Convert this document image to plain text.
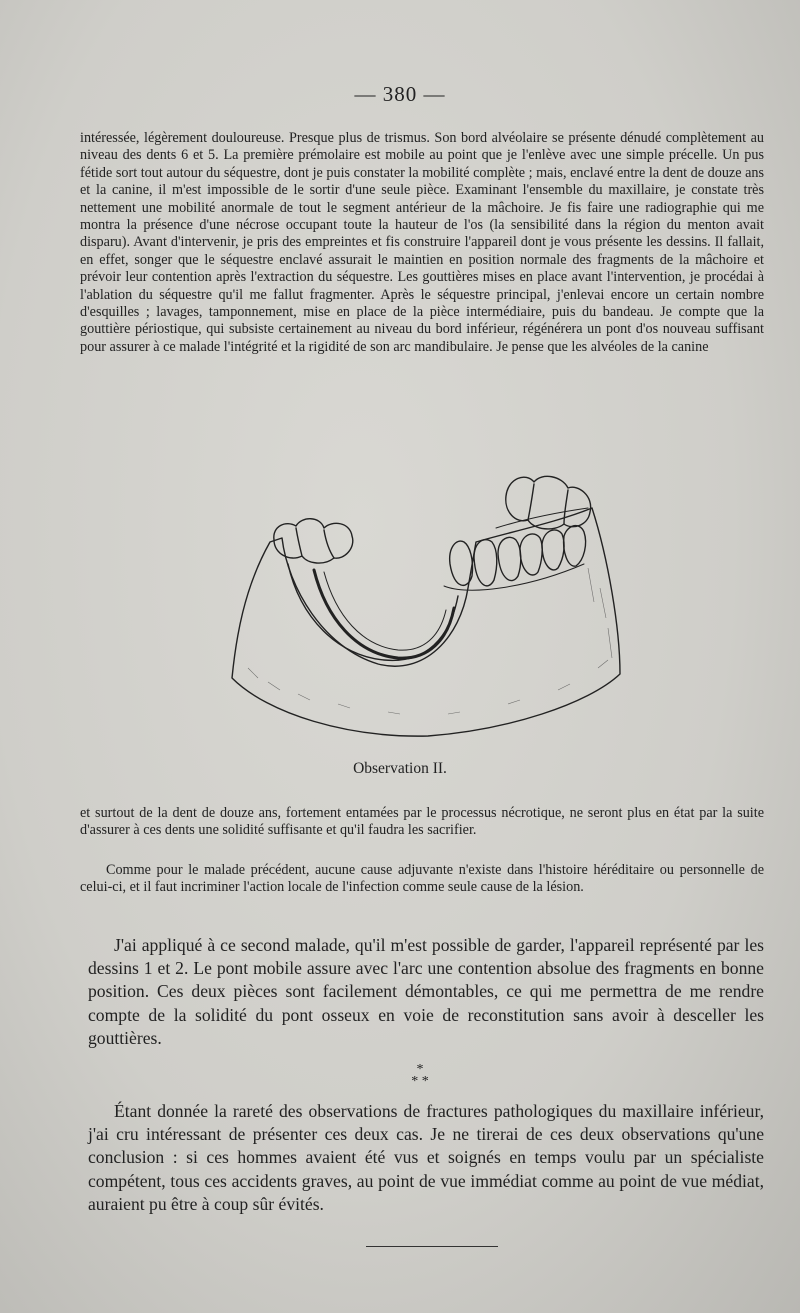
— 380 —

intéressée, légèrement douloureuse. Presque plus de trismus. Son bord alvéolaire se présente dénudé complètement au niveau des dents 6 et 5. La première prémolaire est mobile au point que je l'enlève avec une simple précelle. Un pus fétide sort tout autour du séquestre, dont je puis constater la mobilité complète ; mais, enclavé entre la dent de douze ans et la canine, il m'est impossible de le sortir d'une seule pièce. Examinant l'ensemble du maxillaire, je constate très nettement une mobilité anormale de tout le segment antérieur de la mâchoire. Je fis faire une radiographie qui me montra la présence d'une nécrose occupant toute la hauteur de l'os (la sensibilité dans la région du menton avait disparu). Avant d'intervenir, je pris des empreintes et fis construire l'appareil dont je vous présente les dessins. Il fallait, en effet, songer que le séquestre enclavé assurait le maintien en position normale des fragments de la mâchoire et prévoir leur contention après l'extraction du séquestre. Les gouttières mises en place avant l'intervention, je procédai à l'ablation du séquestre qu'il me fallut fragmenter. Après le séquestre principal, j'enlevai encore un certain nombre d'esquilles ; lavages, tamponnement, mise en place de la pièce intermédiaire, puis du bandeau. Je compte que la gouttière périostique, qui subsiste certainement au niveau du bord inférieur, régénérera un pont d'os nouveau suffisant pour assurer à ce malade l'intégrité et la rigidité de son arc mandibulaire. Je pense que les alvéoles de la canine

Observation II.

et surtout de la dent de douze ans, fortement entamées par le processus nécrotique, ne seront plus en état par la suite d'assurer à ces dents une solidité suffisante et qu'il faudra les sacrifier.

Comme pour le malade précédent, aucune cause adjuvante n'existe dans l'histoire héréditaire ou personnelle de celui-ci, et il faut incriminer l'action locale de l'infection comme seule cause de la lésion.

J'ai appliqué à ce second malade, qu'il m'est possible de garder, l'appareil représenté par les dessins 1 et 2. Le pont mobile assure avec l'arc une contention absolue des fragments en bonne position. Ces deux pièces sont facilement démontables, ce qui me permettra de me rendre compte de la solidité du pont osseux en voie de reconstitution sans avoir à desceller les gouttières.

*
* *

Étant donnée la rareté des observations de fractures pathologiques du maxillaire inférieur, j'ai cru intéressant de présenter ces deux cas. Je ne tirerai de ces deux observations qu'une conclusion : si ces hommes avaient été vus et soignés en temps voulu par un spécialiste compétent, tous ces accidents graves, au point de vue immédiat comme au point de vue médiat, auraient pu être à coup sûr évités.
